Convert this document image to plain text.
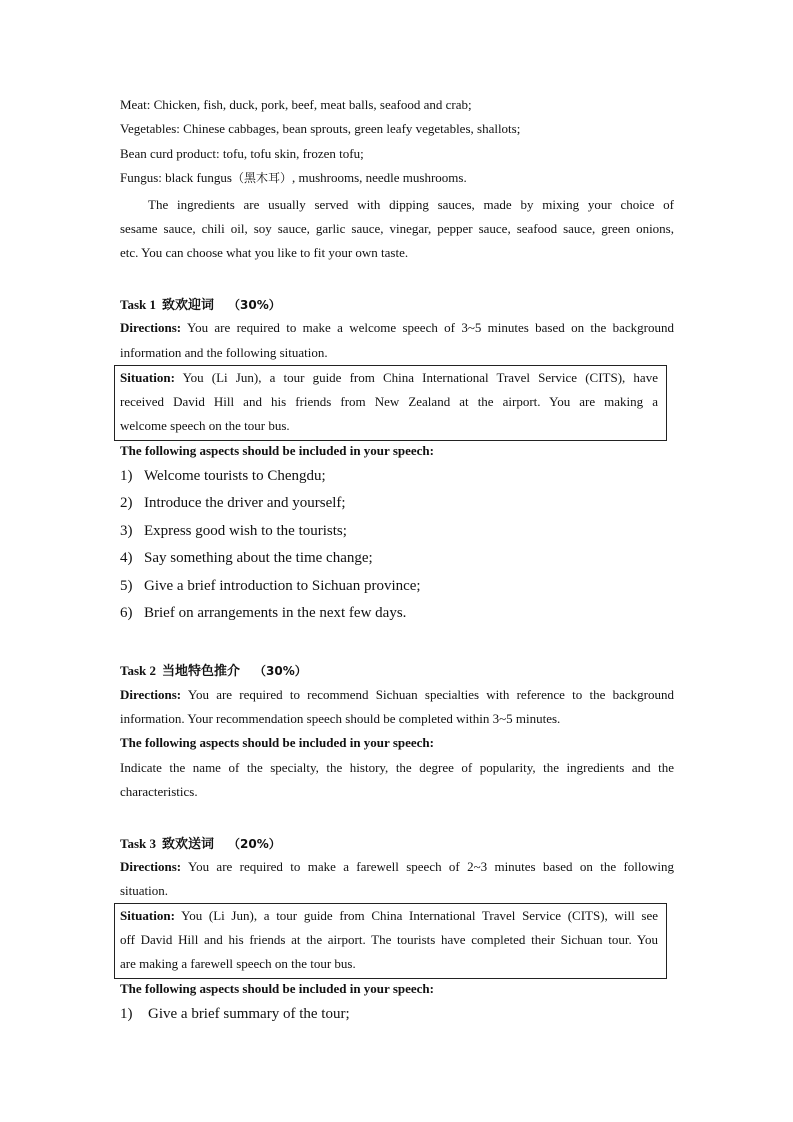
Meat: Chicken, fish, duck, pork, beef, meat balls, seafood and crab;
Vegetables: Chinese cabbages, bean sprouts, green leafy vegetables, shallots;
Bean curd product: tofu, tofu skin, frozen tofu;
Fungus: black fungus（黑木耳）, mushrooms, needle mushrooms.
The ingredients are usually served with dipping sauces, made by mixing your choice of
sesame sauce, chili oil, soy sauce, garlic sauce, vinegar, pepper sauce, seafood sauce, green onions,
etc. You can choose what you like to fit your own taste.
Task 1 致欢迎词 （30%）
Directions: You are required to make a welcome speech of 3~5 minutes based on the background
information and the following situation.
Situation: You (Li Jun), a tour guide from China International Travel Service (CITS), have
received David Hill and his friends from New Zealand at the airport. You are making a
welcome speech on the tour bus.
The following aspects should be included in your speech:
1) Welcome tourists to Chengdu;
2) Introduce the driver and yourself;
3) Express good wish to the tourists;
4) Say something about the time change;
5) Give a brief introduction to Sichuan province;
6) Brief on arrangements in the next few days.
Task 2 当地特色推介 （30%）
Directions: You are required to recommend Sichuan specialties with reference to the background
information. Your recommendation speech should be completed within 3~5 minutes.
The following aspects should be included in your speech:
Indicate the name of the specialty, the history, the degree of popularity, the ingredients and the
characteristics.
Task 3 致欢送词 （20%）
Directions: You are required to make a farewell speech of 2~3 minutes based on the following
situation.
Situation: You (Li Jun), a tour guide from China International Travel Service (CITS), will see
off David Hill and his friends at the airport. The tourists have completed their Sichuan tour. You
are making a farewell speech on the tour bus.
The following aspects should be included in your speech:
1) Give a brief summary of the tour;
